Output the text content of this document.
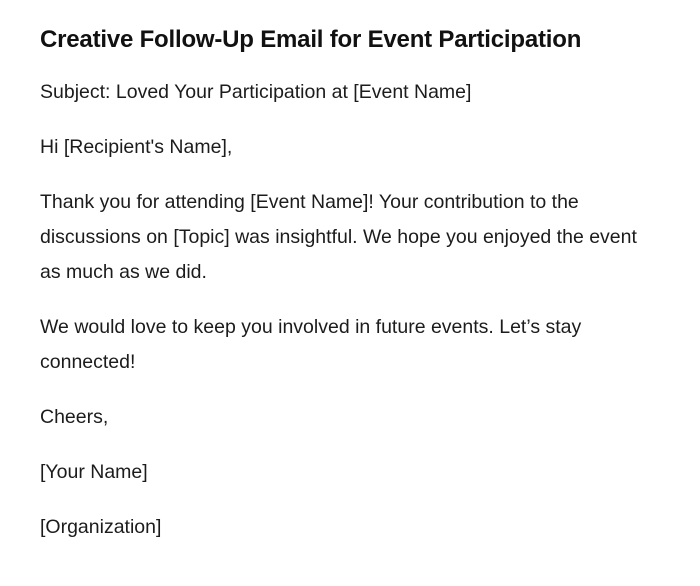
Creative Follow-Up Email for Event Participation

Subject: Loved Your Participation at [Event Name]

Hi [Recipient's Name],

Thank you for attending [Event Name]! Your contribution to the discussions on [Topic] was insightful. We hope you enjoyed the event as much as we did.

We would love to keep you involved in future events. Let’s stay connected!

Cheers,

[Your Name]

[Organization]
